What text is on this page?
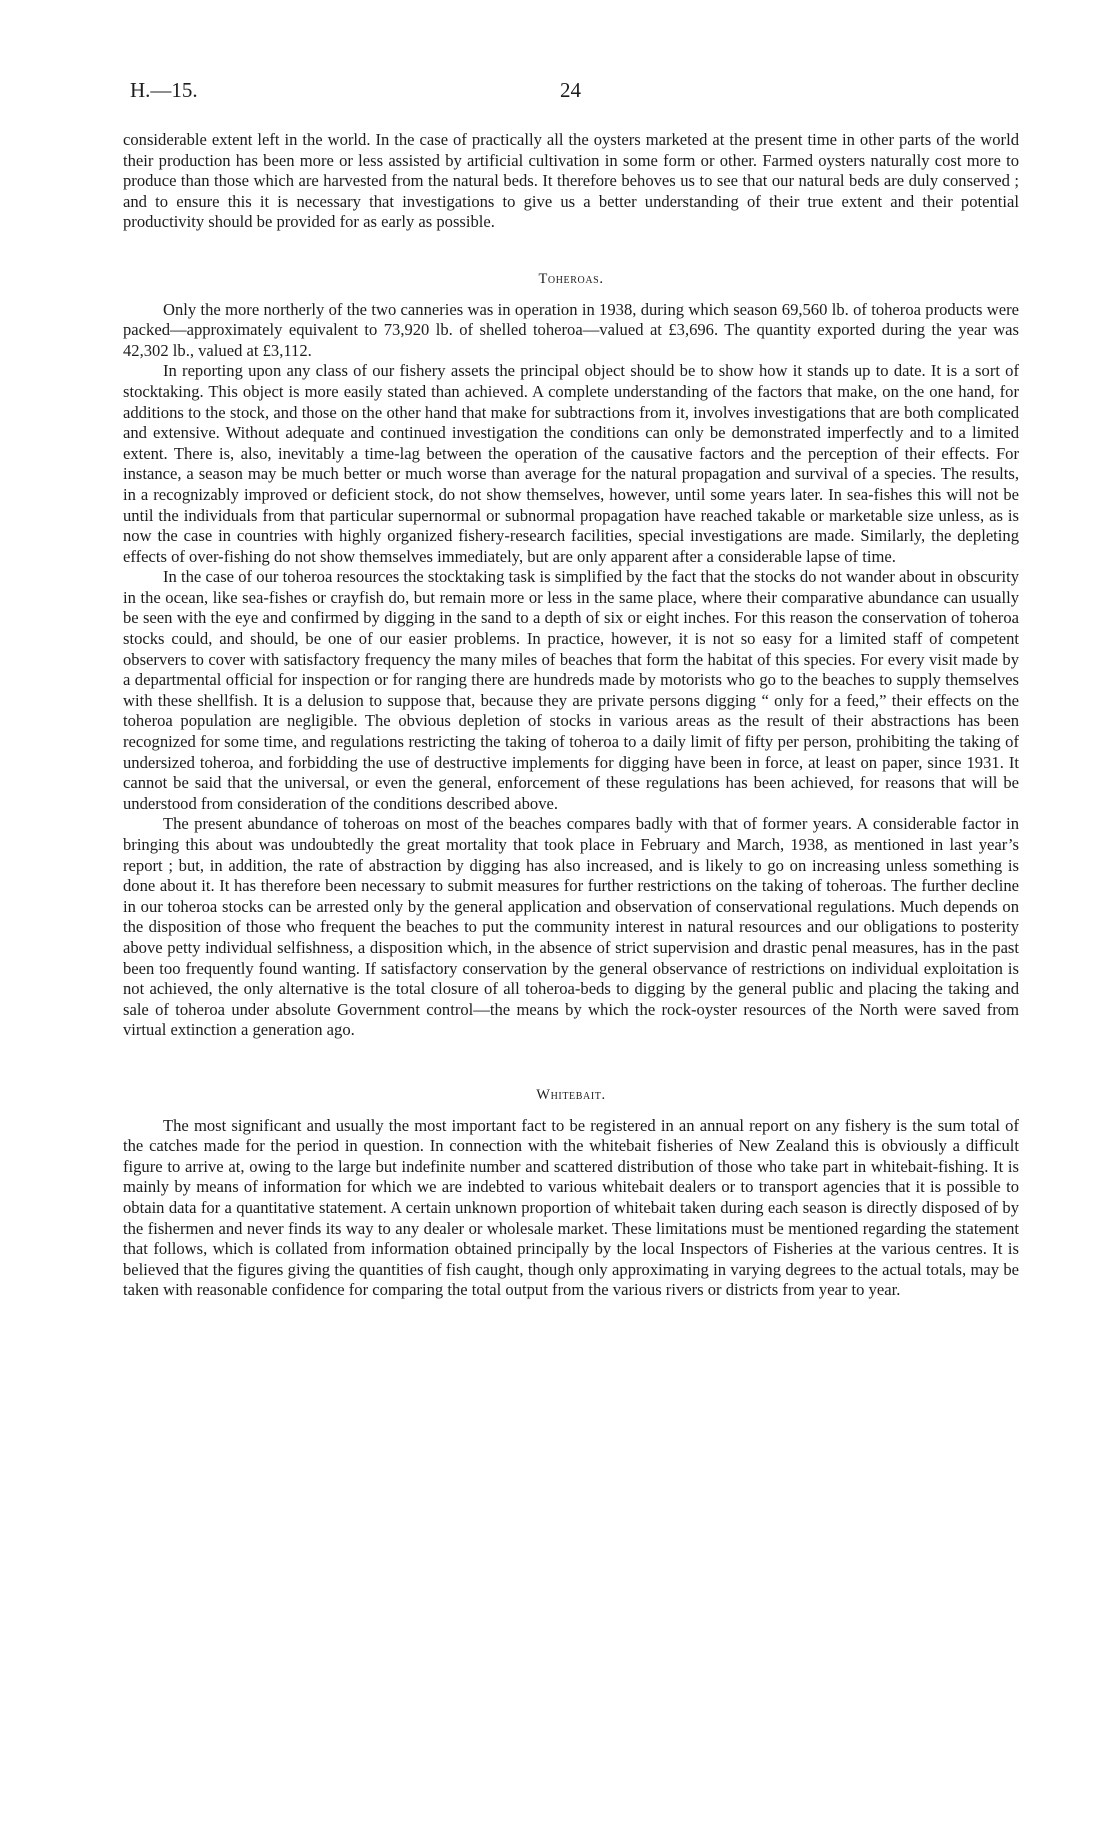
H.—15.	24

considerable extent left in the world. In the case of practically all the oysters marketed at the present time in other parts of the world their production has been more or less assisted by artificial cultivation in some form or other. Farmed oysters naturally cost more to produce than those which are harvested from the natural beds. It therefore behoves us to see that our natural beds are duly conserved ; and to ensure this it is necessary that investigations to give us a better understanding of their true extent and their potential productivity should be provided for as early as possible.

Toheroas.

Only the more northerly of the two canneries was in operation in 1938, during which season 69,560 lb. of toheroa products were packed—approximately equivalent to 73,920 lb. of shelled toheroa—valued at £3,696. The quantity exported during the year was 42,302 lb., valued at £3,112.

In reporting upon any class of our fishery assets the principal object should be to show how it stands up to date. It is a sort of stocktaking. This object is more easily stated than achieved. A complete understanding of the factors that make, on the one hand, for additions to the stock, and those on the other hand that make for subtractions from it, involves investigations that are both complicated and extensive. Without adequate and continued investigation the conditions can only be demonstrated imperfectly and to a limited extent. There is, also, inevitably a time-lag between the operation of the causative factors and the perception of their effects. For instance, a season may be much better or much worse than average for the natural propagation and survival of a species. The results, in a recognizably improved or deficient stock, do not show themselves, however, until some years later. In sea-fishes this will not be until the individuals from that particular supernormal or subnormal propagation have reached takable or marketable size unless, as is now the case in countries with highly organized fishery-research facilities, special investigations are made. Similarly, the depleting effects of over-fishing do not show themselves immediately, but are only apparent after a considerable lapse of time.

In the case of our toheroa resources the stocktaking task is simplified by the fact that the stocks do not wander about in obscurity in the ocean, like sea-fishes or crayfish do, but remain more or less in the same place, where their comparative abundance can usually be seen with the eye and confirmed by digging in the sand to a depth of six or eight inches. For this reason the conservation of toheroa stocks could, and should, be one of our easier problems. In practice, however, it is not so easy for a limited staff of competent observers to cover with satisfactory frequency the many miles of beaches that form the habitat of this species. For every visit made by a departmental official for inspection or for ranging there are hundreds made by motorists who go to the beaches to supply themselves with these shellfish. It is a delusion to suppose that, because they are private persons digging “ only for a feed,” their effects on the toheroa population are negligible. The obvious depletion of stocks in various areas as the result of their abstractions has been recognized for some time, and regulations restricting the taking of toheroa to a daily limit of fifty per person, prohibiting the taking of undersized toheroa, and forbidding the use of destructive implements for digging have been in force, at least on paper, since 1931. It cannot be said that the universal, or even the general, enforcement of these regulations has been achieved, for reasons that will be understood from consideration of the conditions described above.

The present abundance of toheroas on most of the beaches compares badly with that of former years. A considerable factor in bringing this about was undoubtedly the great mortality that took place in February and March, 1938, as mentioned in last year’s report ; but, in addition, the rate of abstraction by digging has also increased, and is likely to go on increasing unless something is done about it. It has therefore been necessary to submit measures for further restrictions on the taking of toheroas. The further decline in our toheroa stocks can be arrested only by the general application and observation of conservational regulations. Much depends on the disposition of those who frequent the beaches to put the community interest in natural resources and our obligations to posterity above petty individual selfishness, a disposition which, in the absence of strict supervision and drastic penal measures, has in the past been too frequently found wanting. If satisfactory conservation by the general observance of restrictions on individual exploitation is not achieved, the only alternative is the total closure of all toheroa-beds to digging by the general public and placing the taking and sale of toheroa under absolute Government control—the means by which the rock-oyster resources of the North were saved from virtual extinction a generation ago.

Whitebait.

The most significant and usually the most important fact to be registered in an annual report on any fishery is the sum total of the catches made for the period in question. In connection with the whitebait fisheries of New Zealand this is obviously a difficult figure to arrive at, owing to the large but indefinite number and scattered distribution of those who take part in whitebait-fishing. It is mainly by means of information for which we are indebted to various whitebait dealers or to transport agencies that it is possible to obtain data for a quantitative statement. A certain unknown proportion of whitebait taken during each season is directly disposed of by the fishermen and never finds its way to any dealer or wholesale market. These limitations must be mentioned regarding the statement that follows, which is collated from information obtained principally by the local Inspectors of Fisheries at the various centres. It is believed that the figures giving the quantities of fish caught, though only approximating in varying degrees to the actual totals, may be taken with reasonable confidence for comparing the total output from the various rivers or districts from year to year.
